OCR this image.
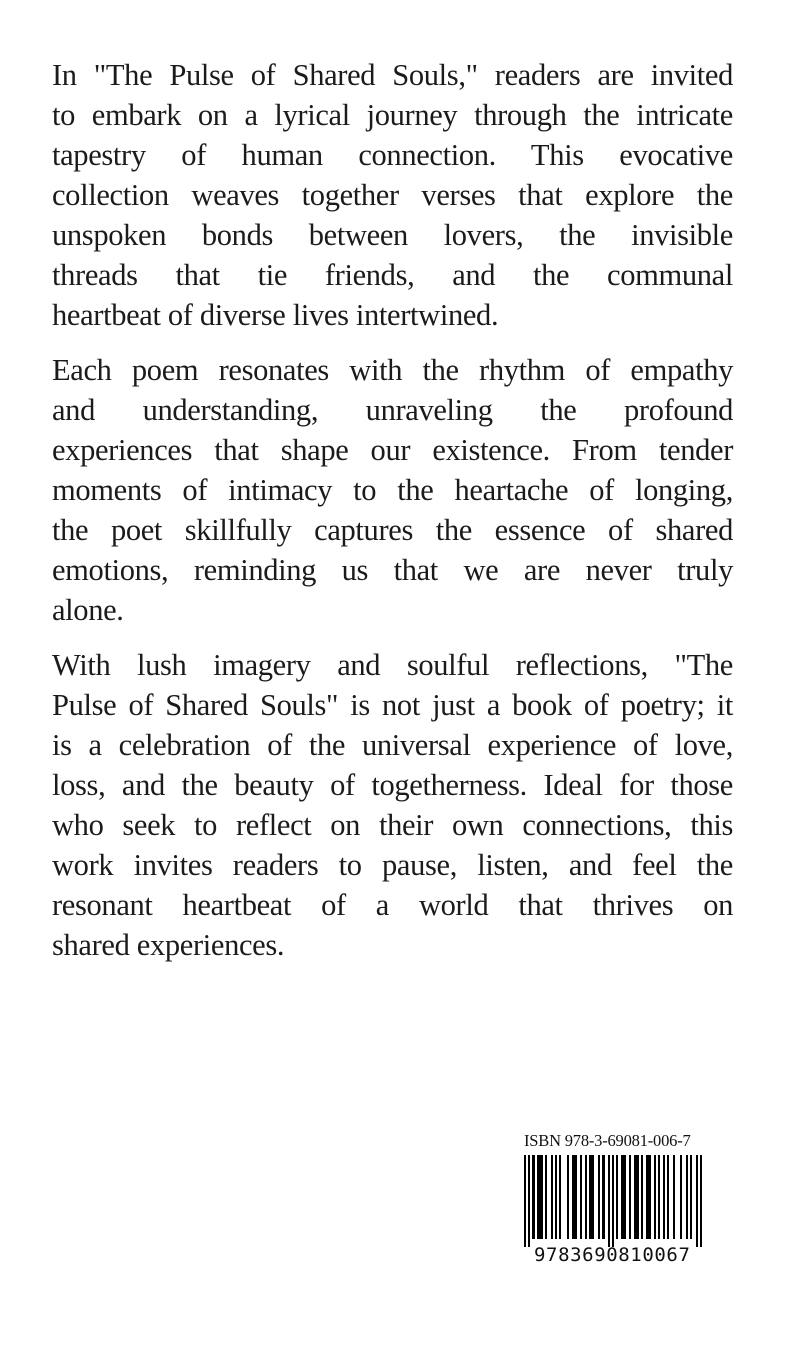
In "The Pulse of Shared Souls," readers are invited
to embark on a lyrical journey through the intricate
tapestry of human connection. This evocative
collection weaves together verses that explore the
unspoken bonds between lovers, the invisible
threads that tie friends, and the communal
heartbeat of diverse lives intertwined.
Each poem resonates with the rhythm of empathy
and understanding, unraveling the profound
experiences that shape our existence. From tender
moments of intimacy to the heartache of longing,
the poet skillfully captures the essence of shared
emotions, reminding us that we are never truly
alone.
With lush imagery and soulful reflections, "The
Pulse of Shared Souls" is not just a book of poetry; it
is a celebration of the universal experience of love,
loss, and the beauty of togetherness. Ideal for those
who seek to reflect on their own connections, this
work invites readers to pause, listen, and feel the
resonant heartbeat of a world that thrives on
shared experiences.
ISBN 978-3-69081-006-7
9783690810067
